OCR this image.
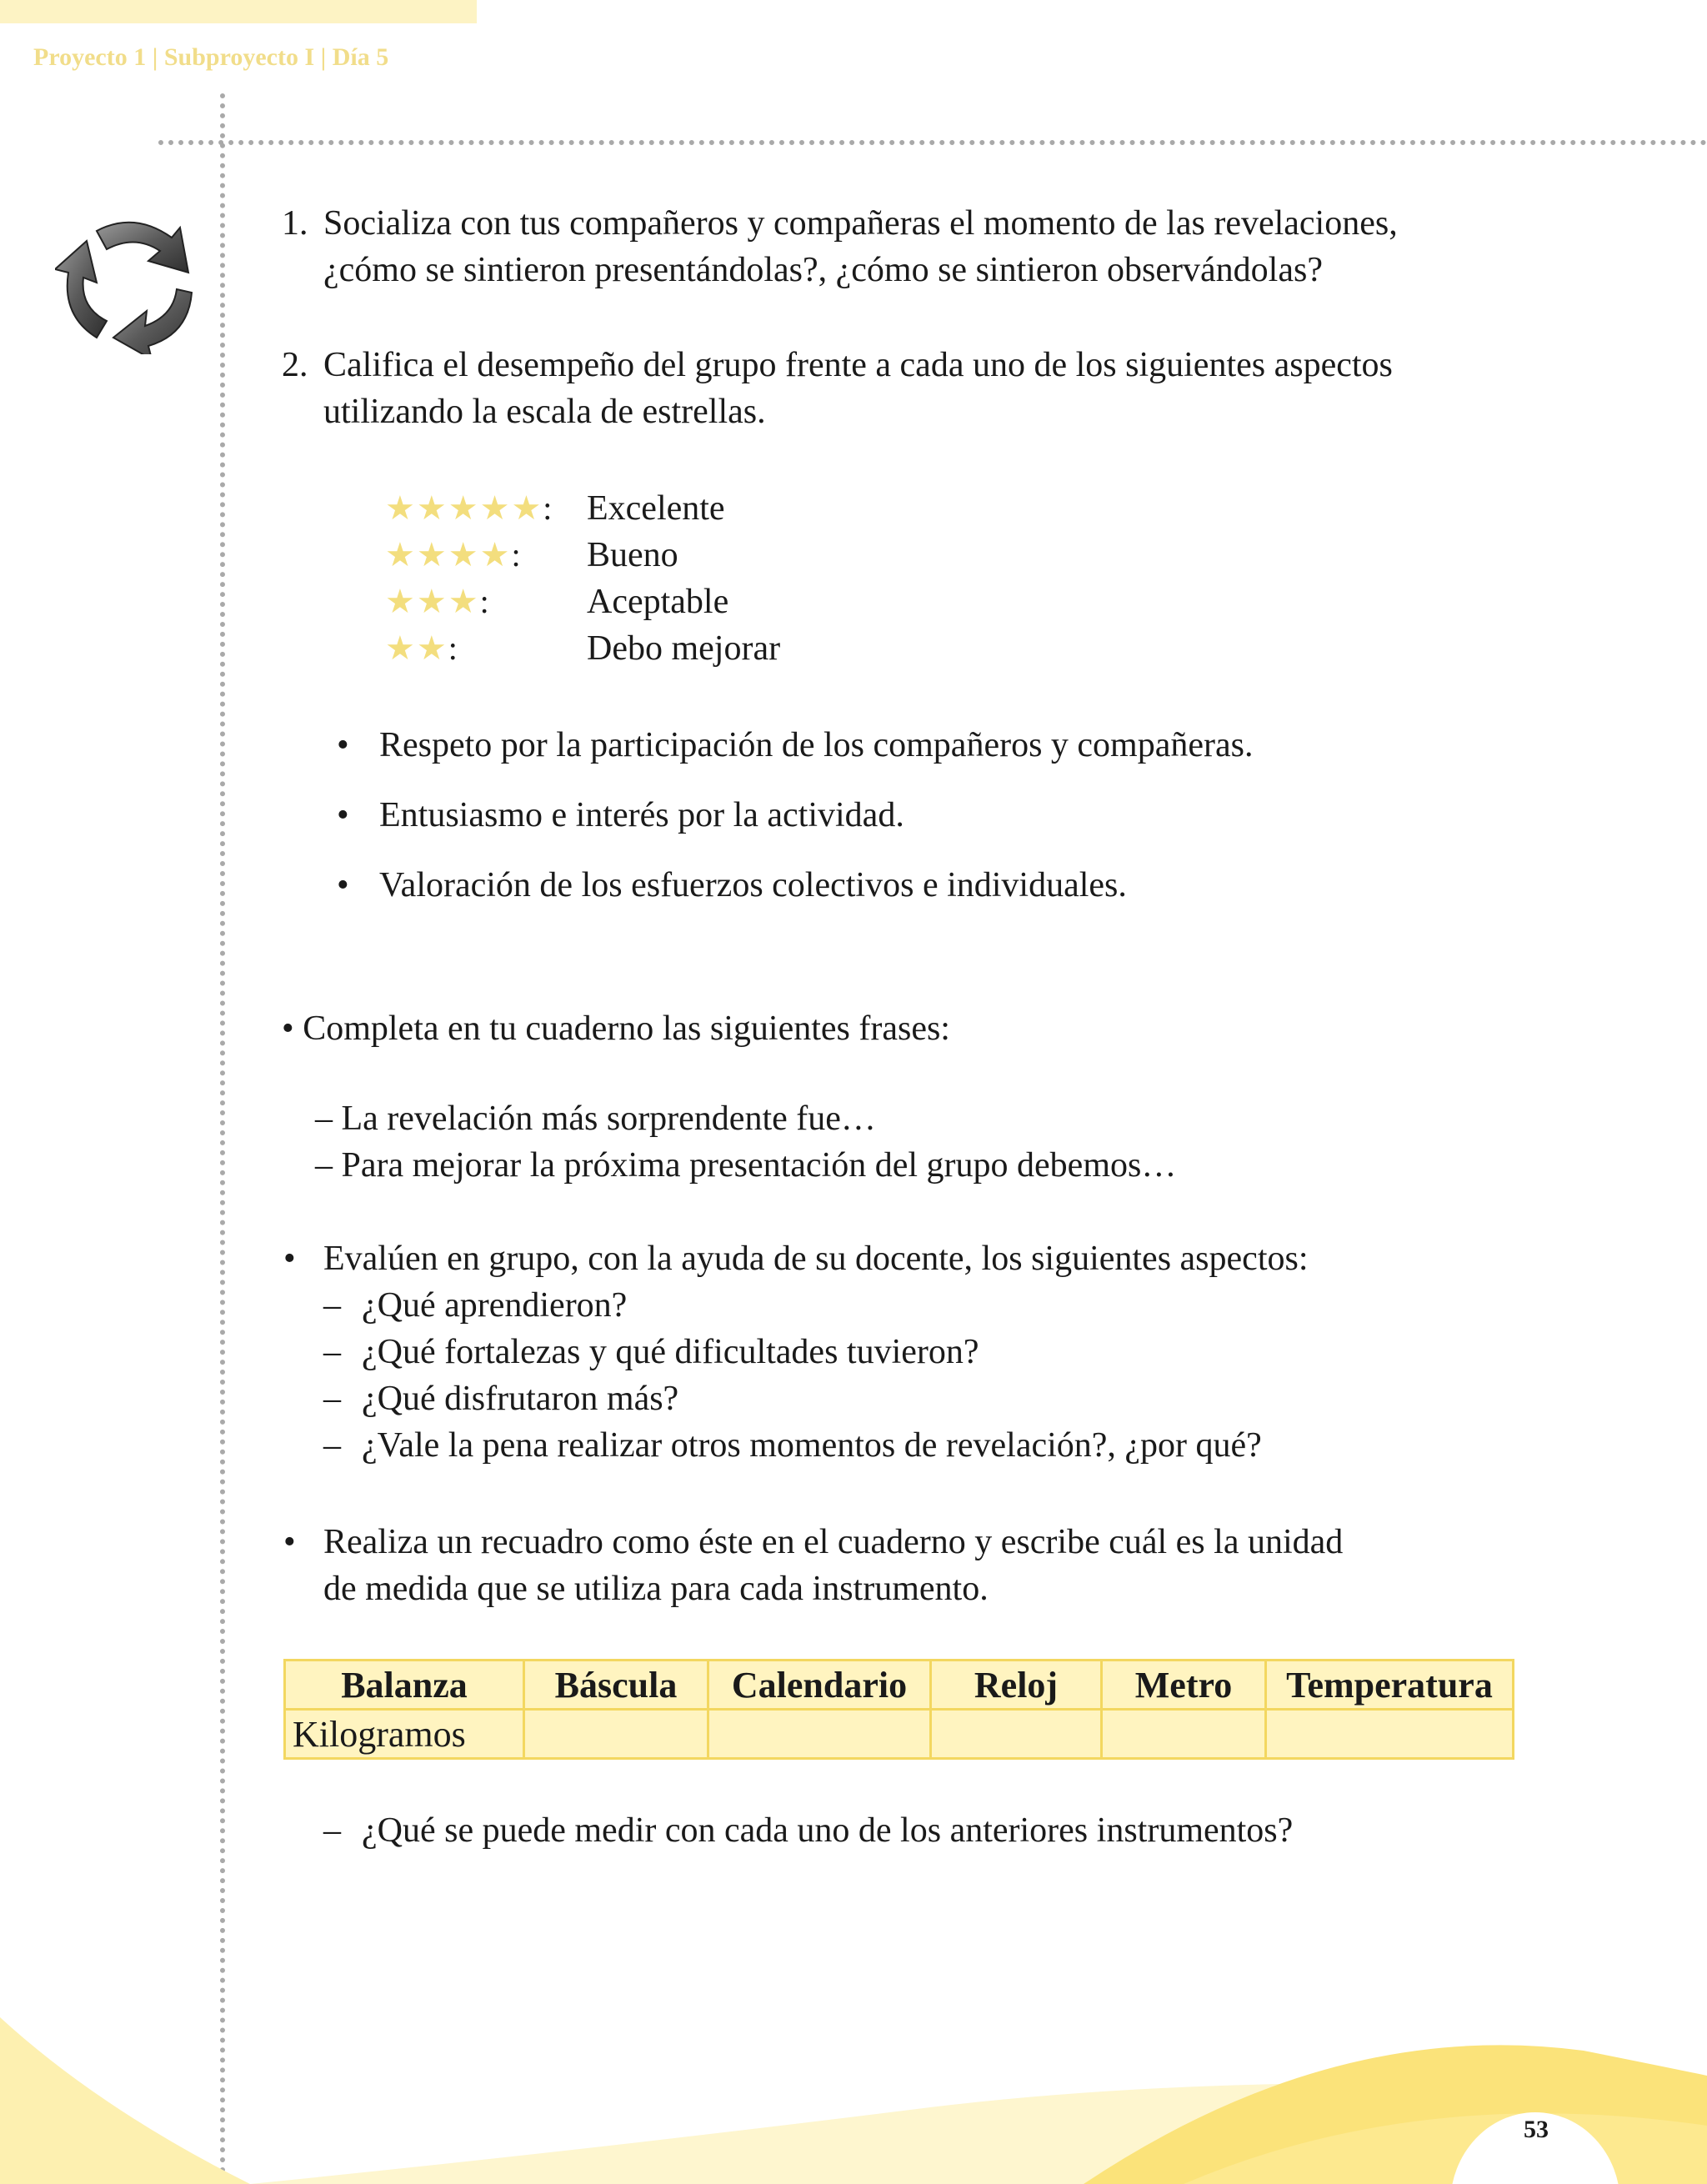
Proyecto 1 | Subproyecto I | Día 5
1. Socializa con tus compañeros y compañeras el momento de las revelaciones,
¿cómo se sintieron presentándolas?, ¿cómo se sintieron observándolas?
2. Califica el desempeño del grupo frente a cada uno de los siguientes aspectos
utilizando la escala de estrellas.
★★★★★: Excelente
★★★★: Bueno
★★★:	Aceptable
★★:	Debo mejorar
• Respeto por la participación de los compañeros y compañeras.
• Entusiasmo e interés por la actividad.
• Valoración de los esfuerzos colectivos e individuales.
• Completa en tu cuaderno las siguientes frases:
– La revelación más sorprendente fue…
– Para mejorar la próxima presentación del grupo debemos…
• Evalúen en grupo, con la ayuda de su docente, los siguientes aspectos:
– ¿Qué aprendieron?
– ¿Qué fortalezas y qué dificultades tuvieron?
– ¿Qué disfrutaron más?
– ¿Vale la pena realizar otros momentos de revelación?, ¿por qué?
• Realiza un recuadro como éste en el cuaderno y escribe cuál es la unidad
de medida que se utiliza para cada instrumento.
Balanza	Báscula	Calendario	Reloj	Metro	Temperatura
Kilogramos					
– ¿Qué se puede medir con cada uno de los anteriores instrumentos?
53
